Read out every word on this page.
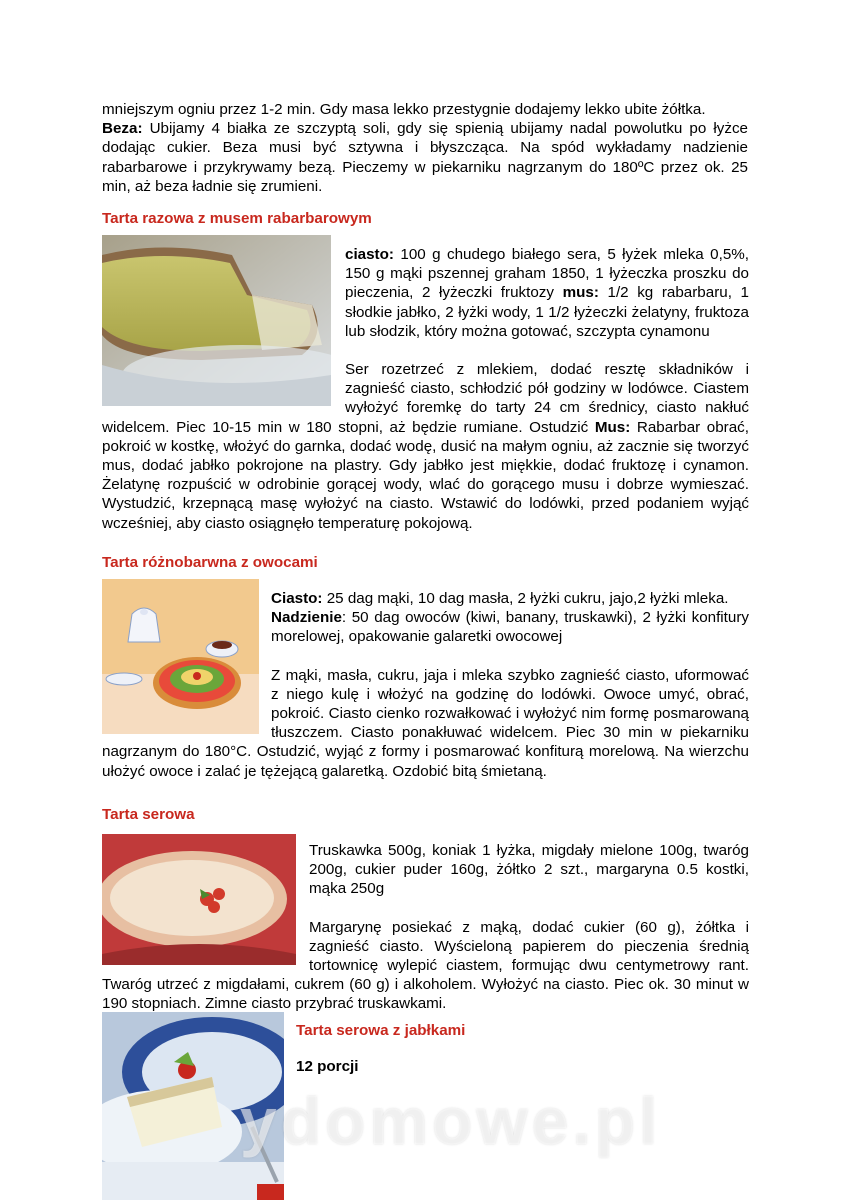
mniejszym ogniu przez 1-2 min. Gdy masa lekko przestygnie dodajemy lekko ubite żółtka.
Beza: Ubijamy 4 białka ze szczyptą soli, gdy się spienią ubijamy nadal powolutku po łyżce dodając cukier. Beza musi być sztywna i błyszcząca. Na spód wykładamy nadzienie rabarbarowe i przykrywamy bezą. Pieczemy w piekarniku nagrzanym do 180ºC przez ok. 25 min, aż beza ładnie się zrumieni.

Tarta razowa z musem rabarbarowym

ciasto: 100 g chudego białego sera, 5 łyżek mleka 0,5%, 150 g mąki pszennej graham 1850, 1 łyżeczka proszku do pieczenia, 2 łyżeczki fruktozy mus: 1/2 kg rabarbaru, 1 słodkie jabłko, 2 łyżki wody, 1 1/2 łyżeczki żelatyny, fruktoza lub słodzik, który można gotować, szczypta cynamonu

Ser rozetrzeć z mlekiem, dodać resztę składników i zagnieść ciasto, schłodzić pół godziny w lodówce. Ciastem wyłożyć foremkę do tarty 24 cm średnicy, ciasto nakłuć widelcem. Piec 10-15 min w 180 stopni, aż będzie rumiane. Ostudzić Mus: Rabarbar obrać, pokroić w kostkę, włożyć do garnka, dodać wodę, dusić na małym ogniu, aż zacznie się tworzyć mus, dodać jabłko pokrojone na plastry. Gdy jabłko jest miękkie, dodać fruktozę i cynamon. Żelatynę rozpuścić w odrobinie gorącej wody, wlać do gorącego musu i dobrze wymieszać. Wystudzić, krzepnącą masę wyłożyć na ciasto. Wstawić do lodówki, przed podaniem wyjąć wcześniej, aby ciasto osiągnęło temperaturę pokojową.

Tarta różnobarwna z owocami

Ciasto: 25 dag mąki, 10 dag masła, 2 łyżki cukru, jajo,2 łyżki mleka.
Nadzienie: 50 dag owoców (kiwi, banany, truskawki), 2 łyżki konfitury morelowej, opakowanie galaretki owocowej

Z mąki, masła, cukru, jaja i mleka szybko zagnieść ciasto, uformować z niego kulę i włożyć na godzinę do lodówki. Owoce umyć, obrać, pokroić. Ciasto cienko rozwałkować i wyłożyć nim formę posmarowaną tłuszczem. Ciasto ponakłuwać widelcem. Piec 30 min w piekarniku nagrzanym do 180°C. Ostudzić, wyjąć z formy i posmarować konfiturą morelową. Na wierzchu ułożyć owoce i zalać je tężejącą galaretką. Ozdobić bitą śmietaną.

Tarta serowa

Truskawka 500g, koniak 1 łyżka, migdały mielone 100g, twaróg 200g, cukier puder 160g, żółtko 2 szt., margaryna 0.5 kostki, mąka 250g

Margarynę posiekać z mąką, dodać cukier (60 g), żółtka i zagnieść ciasto. Wyścieloną papierem do pieczenia średnią tortownicę wylepić ciastem, formując dwu centymetrowy rant. Twaróg utrzeć z migdałami, cukrem (60 g) i alkoholem. Wyłożyć na ciasto. Piec ok. 30 minut w 190 stopniach. Zimne ciasto przybrać truskawkami.

Tarta serowa z jabłkami

12 porcji

ydomowe.pl
